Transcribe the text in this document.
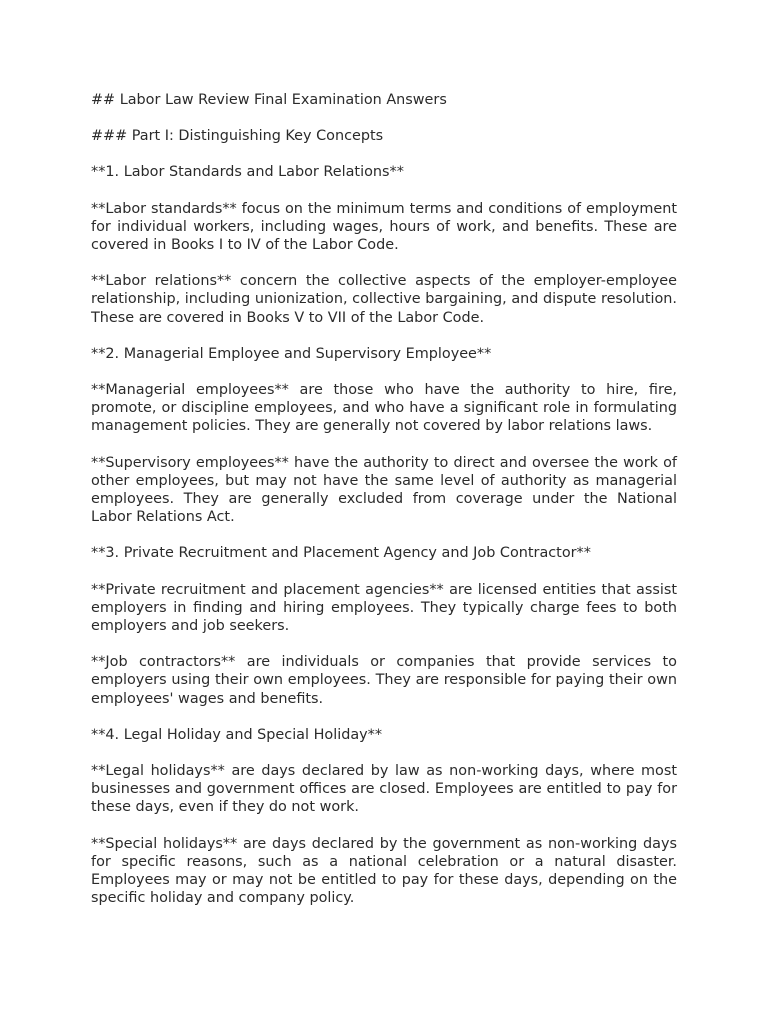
## Labor Law Review Final Examination Answers
### Part I: Distinguishing Key Concepts
**1. Labor Standards and Labor Relations**
**Labor standards** focus on the minimum terms and conditions of employment for individual workers, including wages, hours of work, and benefits. These are covered in Books I to IV of the Labor Code.
**Labor relations** concern the collective aspects of the employer-employee relationship, including unionization, collective bargaining, and dispute resolution. These are covered in Books V to VII of the Labor Code.
**2. Managerial Employee and Supervisory Employee**
**Managerial employees** are those who have the authority to hire, fire, promote, or discipline employees, and who have a significant role in formulating management policies. They are generally not covered by labor relations laws.
**Supervisory employees** have the authority to direct and oversee the work of other employees, but may not have the same level of authority as managerial employees. They are generally excluded from coverage under the National Labor Relations Act.
**3. Private Recruitment and Placement Agency and Job Contractor**
**Private recruitment and placement agencies** are licensed entities that assist employers in finding and hiring employees. They typically charge fees to both employers and job seekers.
**Job contractors** are individuals or companies that provide services to employers using their own employees. They are responsible for paying their own employees' wages and benefits.
**4. Legal Holiday and Special Holiday**
**Legal holidays** are days declared by law as non-working days, where most businesses and government offices are closed. Employees are entitled to pay for these days, even if they do not work.
**Special holidays** are days declared by the government as non-working days for specific reasons, such as a national celebration or a natural disaster. Employees may or may not be entitled to pay for these days, depending on the specific holiday and company policy.
